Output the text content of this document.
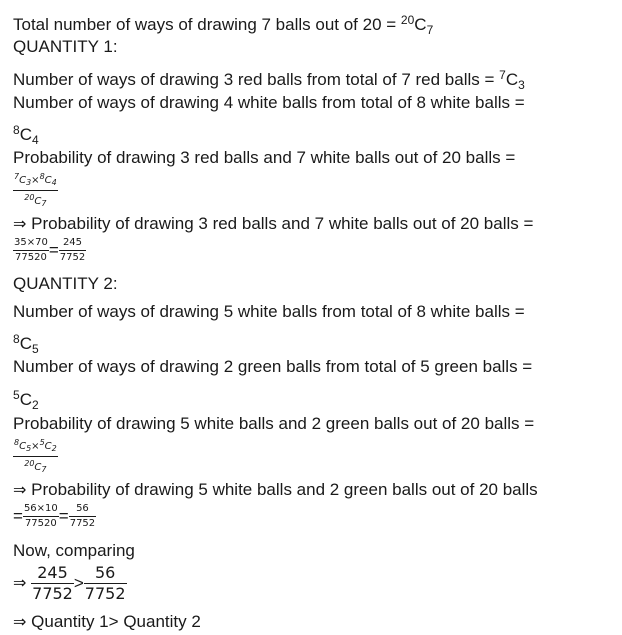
Total number of ways of drawing 7 balls out of $20 = ^{20}C_7$
QUANTITY 1:
Number of ways of drawing 3 red balls from total of 7 red balls = $^7C_3$
Number of ways of drawing 4 white balls from total of 8 white balls =
$^8C_4$
Probability of drawing 3 red balls and 7 white balls out of 20 balls =
$\frac{^7C_3\times^8C_4}{^{20}C_7}$
⇒ Probability of drawing 3 red balls and 7 white balls out of 20 balls =
$\frac{35\times 70}{77520} = \frac{245}{7752}$
QUANTITY 2:
Number of ways of drawing 5 white balls from total of 8 white balls =
$^8C_5$
Number of ways of drawing 2 green balls from total of 5 green balls =
$^5C_2$
Probability of drawing 5 white balls and 2 green balls out of 20 balls =
$\frac{^8C_5\times^5C_2}{^{20}C_7}$
⇒ Probability of drawing 5 white balls and 2 green balls out of 20 balls
= $\frac{56\times 10}{77520} = \frac{56}{7752}$
Now, comparing
⇒ $\frac{245}{7752} > \frac{56}{7752}$
⇒ Quantity 1> Quantity 2
